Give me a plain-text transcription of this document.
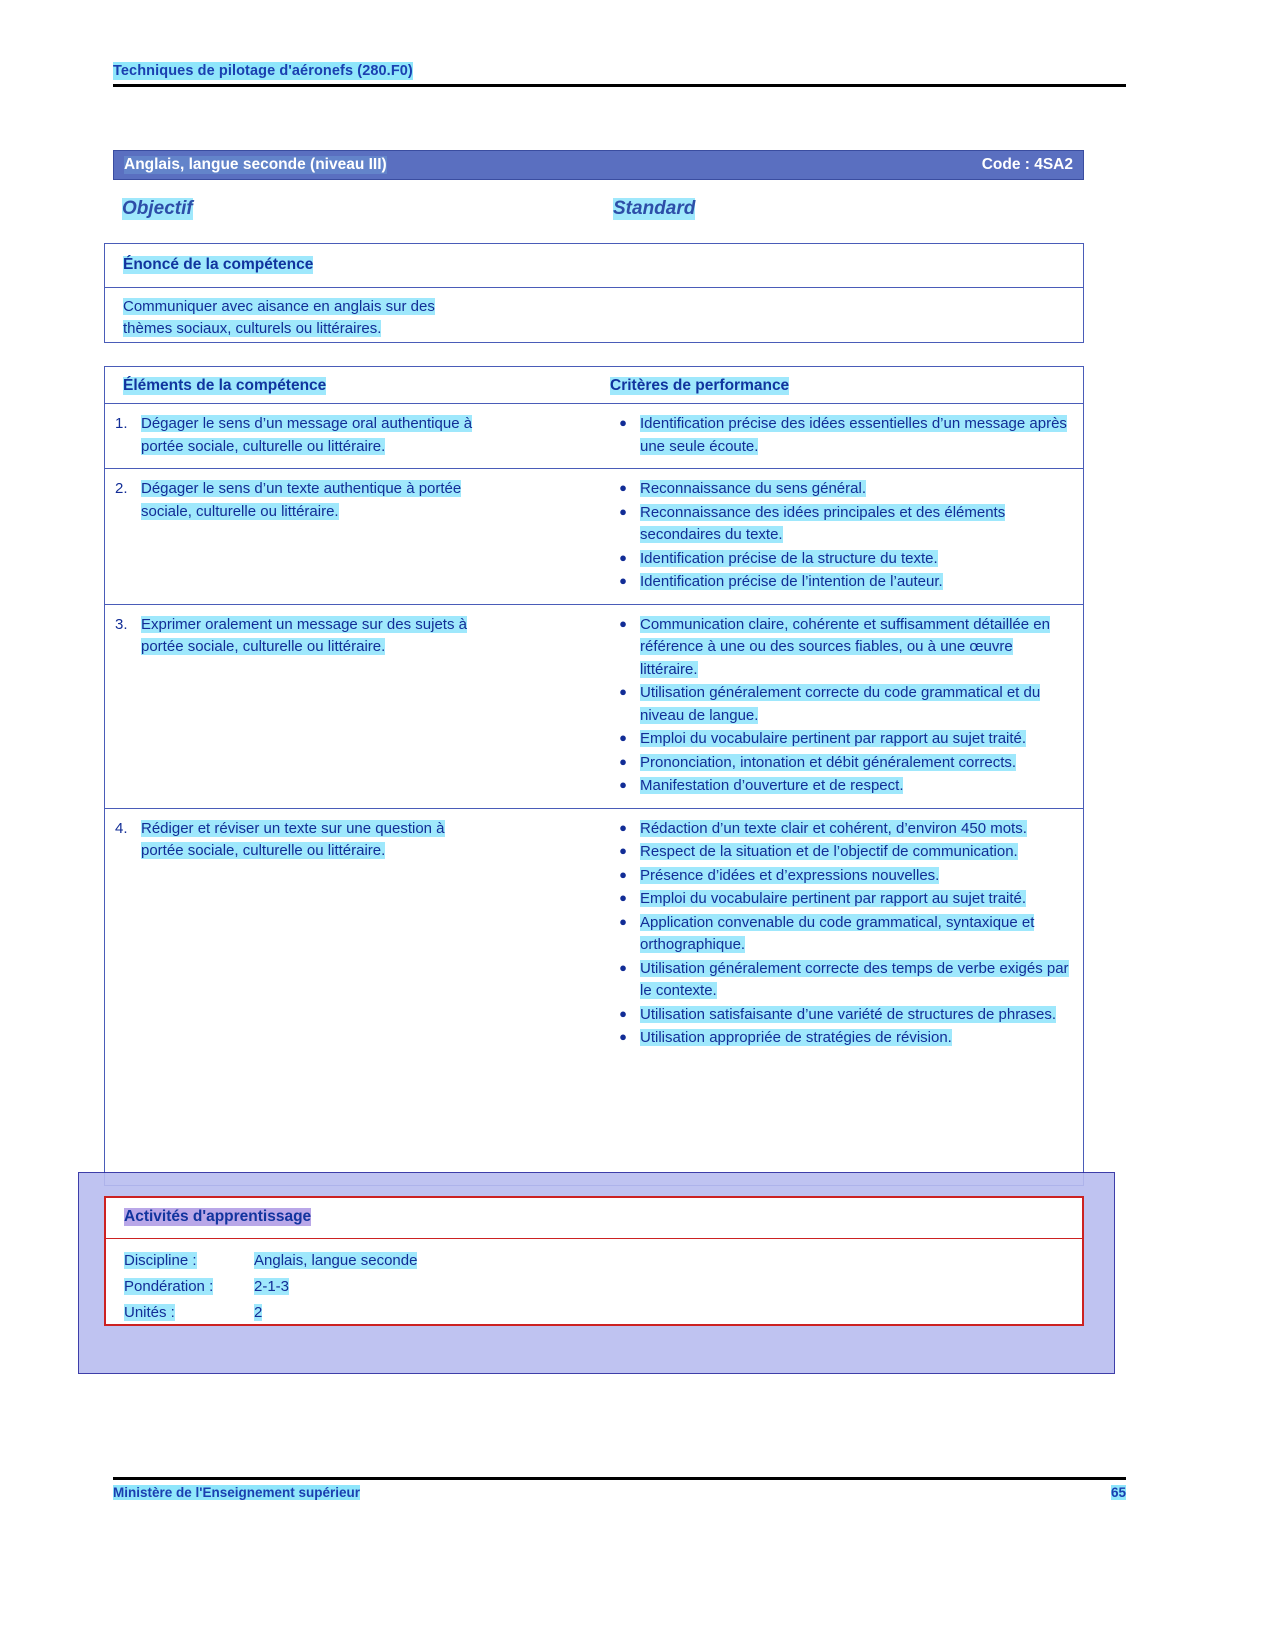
Techniques de pilotage d'aéronefs (280.F0)
Anglais, langue seconde (niveau III)	Code : 4SA2
Objectif	Standard
Énoncé de la compétence
Communiquer avec aisance en anglais sur des
thèmes sociaux, culturels ou littéraires.
Éléments de la compétence	Critères de performance
1. Dégager le sens d’un message oral authentique à
portée sociale, culturelle ou littéraire.
● Identification précise des idées essentielles d’un message après une seule écoute.
2. Dégager le sens d’un texte authentique à portée
sociale, culturelle ou littéraire.
● Reconnaissance du sens général.
● Reconnaissance des idées principales et des éléments secondaires du texte.
● Identification précise de la structure du texte.
● Identification précise de l’intention de l’auteur.
3. Exprimer oralement un message sur des sujets à
portée sociale, culturelle ou littéraire.
● Communication claire, cohérente et suffisamment détaillée en référence à une ou des sources fiables, ou à une œuvre littéraire.
● Utilisation généralement correcte du code grammatical et du niveau de langue.
● Emploi du vocabulaire pertinent par rapport au sujet traité.
● Prononciation, intonation et débit généralement corrects.
● Manifestation d’ouverture et de respect.
4. Rédiger et réviser un texte sur une question à
portée sociale, culturelle ou littéraire.
● Rédaction d’un texte clair et cohérent, d’environ 450 mots.
● Respect de la situation et de l’objectif de communication.
● Présence d’idées et d’expressions nouvelles.
● Emploi du vocabulaire pertinent par rapport au sujet traité.
● Application convenable du code grammatical, syntaxique et orthographique.
● Utilisation généralement correcte des temps de verbe exigés par le contexte.
● Utilisation satisfaisante d’une variété de structures de phrases.
● Utilisation appropriée de stratégies de révision.
Activités d'apprentissage
Discipline :	Anglais, langue seconde
Pondération :	2-1-3
Unités :	2
Ministère de l'Enseignement supérieur	65
